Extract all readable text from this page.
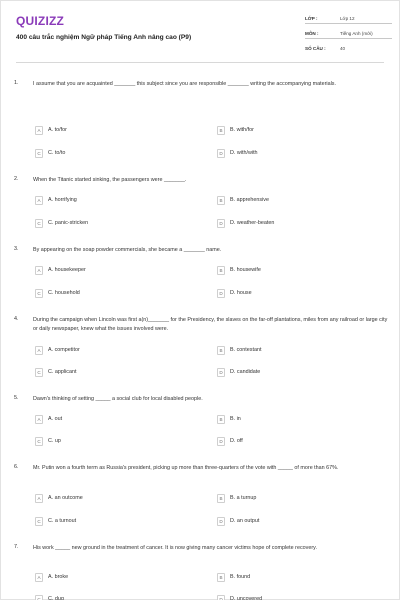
QUIZIZZ
400 câu trắc nghiệm Ngữ pháp Tiếng Anh nâng cao (P9)
LỚP :	Lớp 12
MÔN :	Tiếng Anh (mới)
SỐ CÂU :	40
1.	I assume that you are acquainted _______ this subject since you are responsible _______ writing the accompanying materials.

A	A. to/for	B	B. with/for
C	C. to/to	D	D. with/with
2.	When the Titanic started sinking, the passengers were _______.

A	A. horrifying	B	B. apprehensive
C	C. panic-stricken	D	D. weather-beaten
3.	By appearing on the soap powder commercials, she became a _______ name.

A	A. housekeeper	B	B. housewife
C	C. household	D	D. house
4.	During the campaign when Lincoln was first a(n)_______ for the Presidency, the slaves on the far-off plantations, miles from any railroad or large city or daily newspaper, knew what the issues involved were.

A	A. competitor	B	B. contestant
C	C. applicant	D	D. candidate
5.	Dawn's thinking of setting _____ a social club for local disabled people.

A	A. out	B	B. in
C	C. up	D	D. off
6.	Mr. Putin won a fourth term as Russia's president, picking up more than three-quarters of the vote with _____ of more than 67%.

A	A. an outcome	B	B. a turnup
C	C. a turnout	D	D. an output
7.	His work _____ new ground in the treatment of cancer. It is now giving many cancer victims hope of complete recovery.

A	A. broke	B	B. found
C	C. dug	D	D. uncovered
